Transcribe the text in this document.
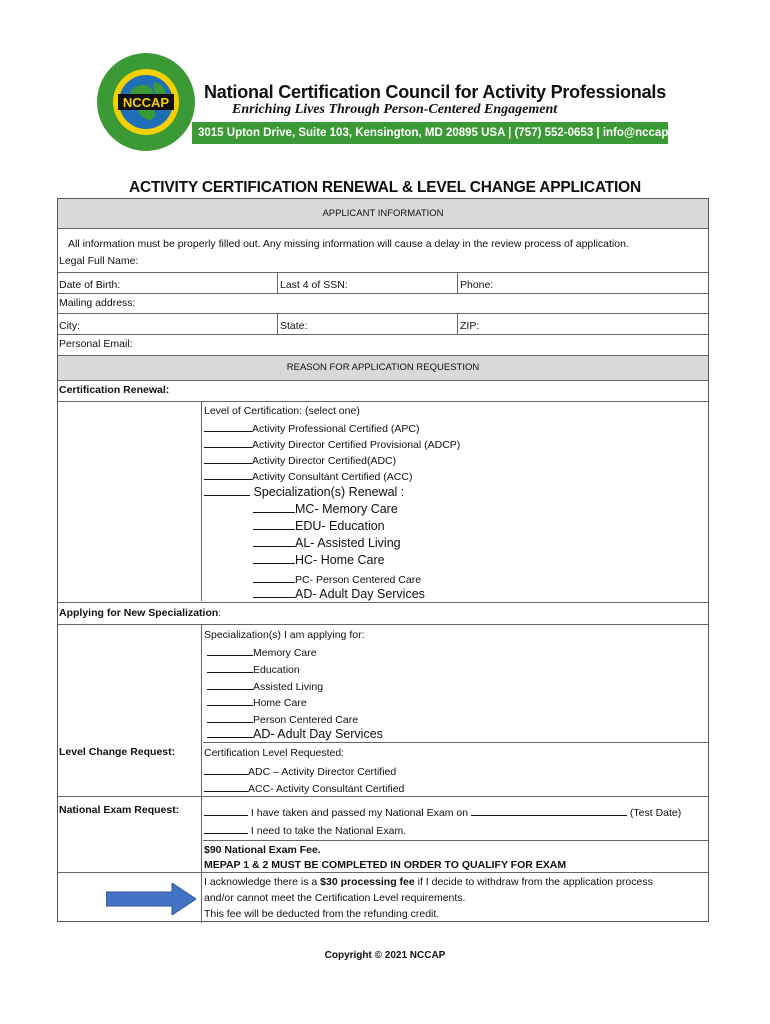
NCCAP
National Certification Council for Activity Professionals
Enriching Lives Through Person-Centered Engagement
3015 Upton Drive, Suite 103, Kensington, MD 20895 USA | (757) 552-0653 | info@nccap.org
ACTIVITY CERTIFICATION RENEWAL & LEVEL CHANGE APPLICATION
APPLICANT INFORMATION
All information must be properly filled out. Any missing information will cause a delay in the review process of application.
Legal Full Name:
Date of Birth:	Last 4 of SSN:	Phone:
Mailing address:
City:	State:	ZIP:
Personal Email:
REASON FOR APPLICATION REQUESTION
Certification Renewal:
Level of Certification: (select one)
Activity Professional Certified (APC)
Activity Director Certified Provisional (ADCP)
Activity Director Certified(ADC)
Activity Consultant Certified (ACC)
Specialization(s) Renewal :
MC- Memory Care
EDU- Education
AL- Assisted Living
HC- Home Care
PC- Person Centered Care
AD- Adult Day Services
Applying for New Specialization:
Specialization(s) I am applying for:
Memory Care
Education
Assisted Living
Home Care
Person Centered Care
AD- Adult Day Services
Level Change Request:	Certification Level Requested:
ADC – Activity Director Certified
ACC- Activity Consultant Certified
National Exam Request:	I have taken and passed my National Exam on	(Test Date)
I need to take the National Exam.
$90 National Exam Fee.
MEPAP 1 & 2 MUST BE COMPLETED IN ORDER TO QUALIFY FOR EXAM
I acknowledge there is a $30 processing fee if I decide to withdraw from the application process
and/or cannot meet the Certification Level requirements.
This fee will be deducted from the refunding credit.
Copyright © 2021 NCCAP
